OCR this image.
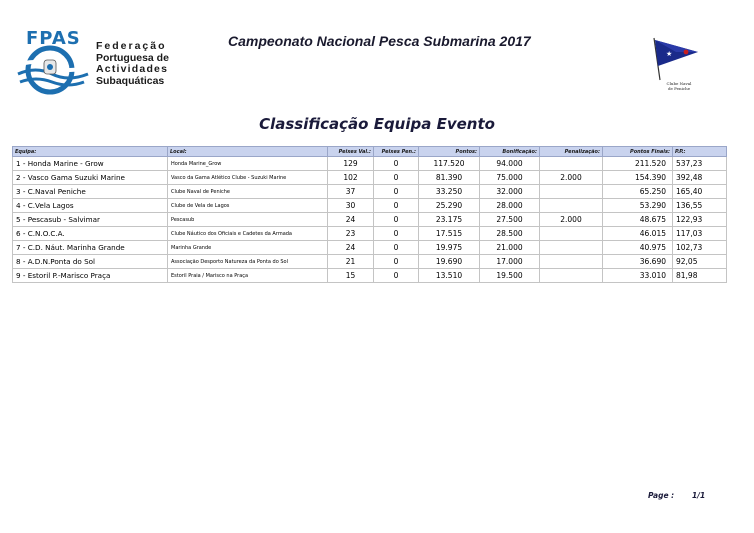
FPAS Federação
Portuguesa de
Actividades
Subaquáticas
Campeonato Nacional Pesca Submarina 2017
★
Clube Naval
de Peniche
Classificação Equipa Evento
Equipa:	Local:	Peixes Val.:	Peixes Pen.:	Pontos:	Bonificação:	Penalização:	Pontos Finais:	P.P.:
1 - Honda Marine - Grow	Honda Marine_Grow	129	0	117.520	94.000		211.520	537,23
2 - Vasco Gama Suzuki Marine	Vasco da Gama Atlético Clube - Suzuki Marine	102	0	81.390	75.000	2.000	154.390	392,48
3 - C.Naval Peniche	Clube Naval de Peniche	37	0	33.250	32.000		65.250	165,40
4 - C.Vela Lagos	Clube de Vela de Lagos	30	0	25.290	28.000		53.290	136,55
5 - Pescasub - Salvimar	Pescasub	24	0	23.175	27.500	2.000	48.675	122,93
6 - C.N.O.C.A.	Clube Náutico dos Oficiais e Cadetes da Armada	23	0	17.515	28.500		46.015	117,03
7 - C.D. Náut. Marinha Grande	Marinha Grande	24	0	19.975	21.000		40.975	102,73
8 - A.D.N.Ponta do Sol	Associação Desporto Natureza da Ponta do Sol	21	0	19.690	17.000		36.690	92,05
9 - Estoril P.-Marisco Praça	Estoril Praia / Marisco na Praça	15	0	13.510	19.500		33.010	81,98
Page : 1/1
